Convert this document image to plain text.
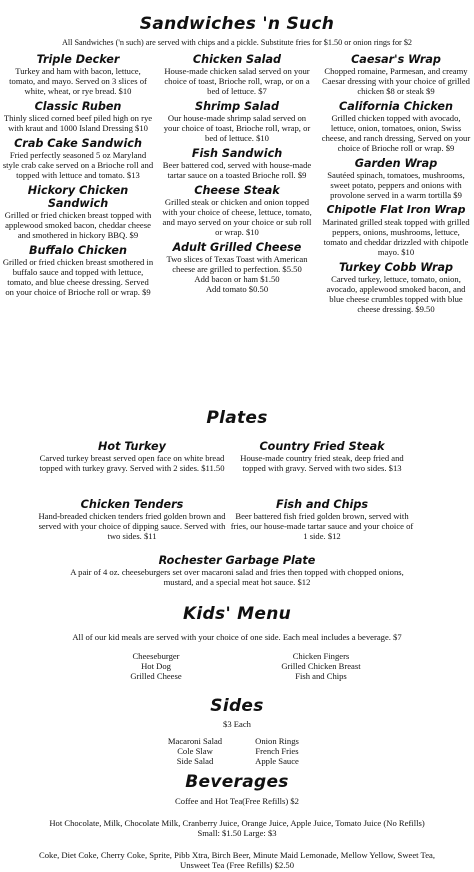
Sandwiches 'n Such
All Sandwiches ('n such) are served with chips and a pickle. Substitute fries for $1.50 or onion rings for $2
Triple Decker
Turkey and ham with bacon, lettuce, tomato, and mayo. Served on 3 slices of white, wheat, or rye bread. $10
Classic Ruben
Thinly sliced corned beef piled high on rye with kraut and 1000 Island Dressing $10
Crab Cake Sandwich
Fried perfectly seasoned 5 oz Maryland style crab cake served on a Brioche roll and topped with lettuce and tomato. $13
Hickory Chicken Sandwich
Grilled or fried chicken breast topped with applewood smoked bacon, cheddar cheese and smothered in hickory BBQ. $9
Buffalo Chicken
Grilled or fried chicken breast smothered in buffalo sauce and topped with lettuce, tomato, and blue cheese dressing. Served on your choice of Brioche roll or wrap. $9
Chicken Salad
House-made chicken salad served on your choice of toast, Brioche roll, wrap, or on a bed of lettuce. $7
Shrimp Salad
Our house-made shrimp salad served on your choice of toast, Brioche roll, wrap, or bed of lettuce. $10
Fish Sandwich
Beer battered cod, served with house-made tartar sauce on a toasted Brioche roll. $9
Cheese Steak
Grilled steak or chicken and onion topped with your choice of cheese, lettuce, tomato, and mayo served on your choice or sub roll or wrap. $10
Adult Grilled Cheese
Two slices of Texas Toast with American cheese are grilled to perfection. $5.50
Add bacon or ham $1.50
Add tomato $0.50
Caesar's Wrap
Chopped romaine, Parmesan, and creamy Caesar dressing with your choice of grilled chicken $8 or steak $9
California Chicken
Grilled chicken topped with avocado, lettuce, onion, tomatoes, onion, Swiss cheese, and ranch dressing, Served on your choice of Brioche roll or wrap. $9
Garden Wrap
Sautéed spinach, tomatoes, mushrooms, sweet potato, peppers and onions with provolone served in a warm tortilla $9
Chipotle Flat Iron Wrap
Marinated grilled steak topped with grilled peppers, onions, mushrooms, lettuce, tomato and cheddar drizzled with chipotle mayo. $10
Turkey Cobb Wrap
Carved turkey, lettuce, tomato, onion, avocado, applewood smoked bacon, and blue cheese crumbles topped with blue cheese dressing. $9.50
Plates
Hot Turkey
Carved turkey breast served open face on white bread topped with turkey gravy. Served with 2 sides. $11.50
Country Fried Steak
House-made country fried steak, deep fried and topped with gravy. Served with two sides. $13
Chicken Tenders
Hand-breaded chicken tenders fried golden brown and served with your choice of dipping sauce. Served with two sides. $11
Fish and Chips
Beer battered fish fried golden brown, served with fries, our house-made tartar sauce and your choice of 1 side. $12
Rochester Garbage Plate
A pair of 4 oz. cheeseburgers set over macaroni salad and fries then topped with chopped onions, mustard, and a special meat hot sauce. $12
Kids' Menu
All of our kid meals are served with your choice of one side. Each meal includes a beverage. $7
Cheeseburger
Hot Dog
Grilled Cheese
Chicken Fingers
Grilled Chicken Breast
Fish and Chips
Sides
$3 Each
Macaroni Salad
Cole Slaw
Side Salad
Onion Rings
French Fries
Apple Sauce
Beverages
Coffee and Hot Tea(Free Refills) $2
Hot Chocolate, Milk, Chocolate Milk, Cranberry Juice, Orange Juice, Apple Juice, Tomato Juice (No Refills)
Small: $1.50 Large: $3
Coke, Diet Coke, Cherry Coke, Sprite, Pibb Xtra, Birch Beer, Minute Maid Lemonade, Mellow Yellow, Sweet Tea,
Unsweet Tea (Free Refills) $2.50
